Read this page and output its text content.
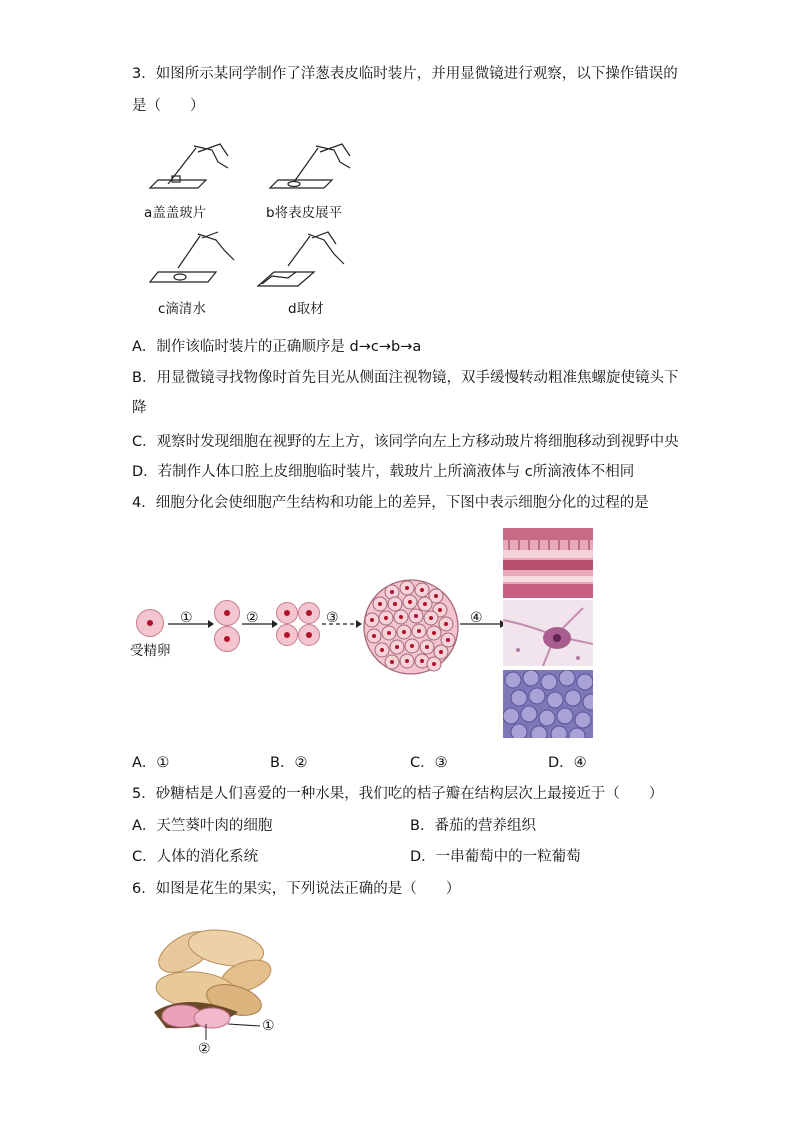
3．如图所示某同学制作了洋葱表皮临时装片，并用显微镜进行观察，以下操作错误的
是（　　）
a盖盖玻片	b将表皮展平
c滴清水	d取材
A．制作该临时装片的正确顺序是 d→c→b→a
B．用显微镜寻找物像时首先目光从侧面注视物镜，双手缓慢转动粗准焦螺旋使镜头下
降
C．观察时发现细胞在视野的左上方，该同学向左上方移动玻片将细胞移动到视野中央
D．若制作人体口腔上皮细胞临时装片，载玻片上所滴液体与 c所滴液体不相同
4．细胞分化会使细胞产生结构和功能上的差异，下图中表示细胞分化的过程的是
受精卵
①	②	③	④
A．①	B．②	C．③	D．④
5．砂糖桔是人们喜爱的一种水果，我们吃的桔子瓣在结构层次上最接近于（　　）
A．天竺葵叶肉的细胞	B．番茄的营养组织
C．人体的消化系统	D．一串葡萄中的一粒葡萄
6．如图是花生的果实，下列说法正确的是（　　）
①
②
